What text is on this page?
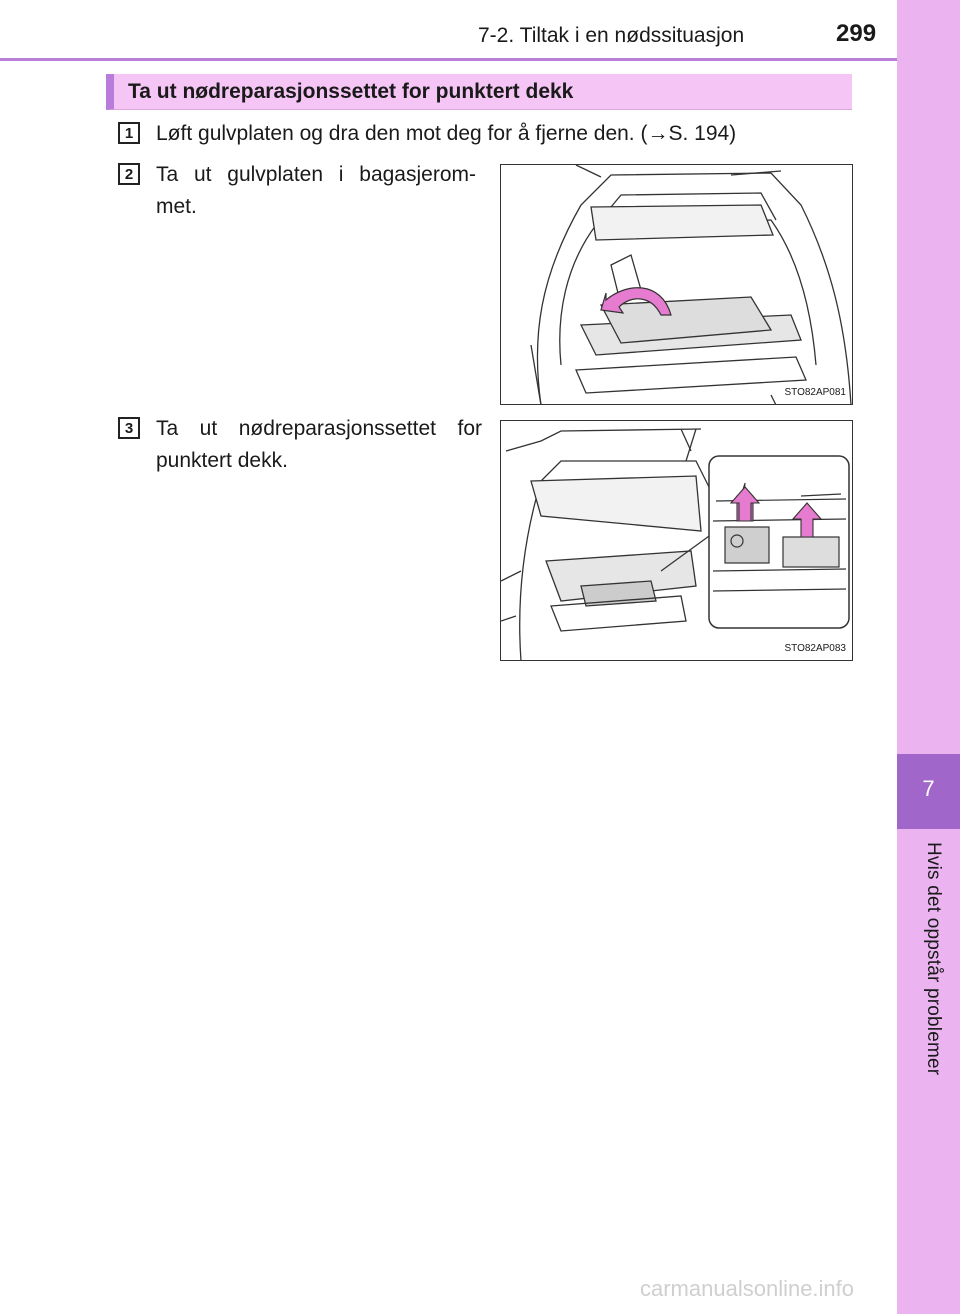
7-2. Tiltak i en nødssituasjon	299
7
Hvis det oppstår problemer
Ta ut nødreparasjonssettet for punktert dekk
1	Løft gulvplaten og dra den mot deg for å fjerne den. (→S. 194)
2	Ta ut gulvplaten i bagasjerom-met.
STO82AP081
3	Ta ut nødreparasjonssettet for punktert dekk.
STO82AP083
carmanualsonline.info
